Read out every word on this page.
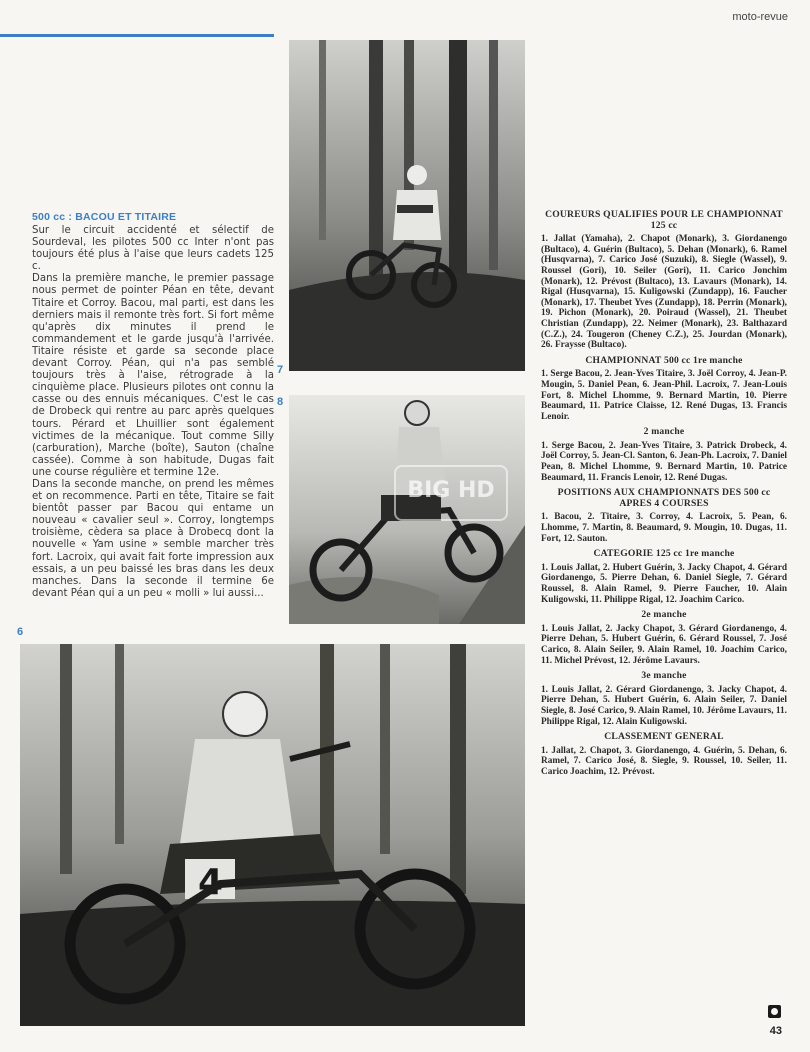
moto-revue
7
BIG HD
8
4
6
500 cc : BACOU ET TITAIRE

Sur le circuit accidenté et sélectif de Sourdeval, les pilotes 500 cc Inter n'ont pas toujours été plus à l'aise que leurs cadets 125 c.

Dans la première manche, le premier passage nous permet de pointer Péan en tête, devant Titaire et Corroy. Bacou, mal parti, est dans les derniers mais il remonte très fort. Si fort même qu'après dix minutes il prend le commandement et le garde jusqu'à l'arrivée. Titaire résiste et garde sa seconde place devant Corroy. Péan, qui n'a pas semblé toujours très à l'aise, rétrograde à la cinquième place. Plusieurs pilotes ont connu la casse ou des ennuis mécaniques. C'est le cas de Drobeck qui rentre au parc après quelques tours. Pérard et Lhuillier sont également victimes de la mécanique. Tout comme Silly (carburation), Marche (boîte), Sauton (chaîne cassée). Comme à son habitude, Dugas fait une course régulière et termine 12e.

Dans la seconde manche, on prend les mêmes et on recommence. Parti en tête, Titaire se fait bientôt passer par Bacou qui entame un nouveau « cavalier seul ». Corroy, longtemps troisième, cèdera sa place à Drobecq dont la nouvelle « Yam usine » semble marcher très fort. Lacroix, qui avait fait forte impression aux essais, a un peu baissé les bras dans les deux manches. Dans la seconde il termine 6e devant Péan qui a un peu « molli » lui aussi...

COUREURS QUALIFIES POUR LE CHAMPIONNAT 125 cc
1. Jallat (Yamaha), 2. Chapot (Monark), 3. Giordanengo (Bultaco), 4. Guérin (Bultaco), 5. Dehan (Monark), 6. Ramel (Husqvarna), 7. Carico José (Suzuki), 8. Siegle (Wassel), 9. Roussel (Gori), 10. Seiler (Gori), 11. Carico Jonchim (Monark), 12. Prévost (Bultaco), 13. Lavaurs (Monark), 14. Rigal (Husqvarna), 15. Kuligowski (Zundapp), 16. Faucher (Monark), 17. Theubet Yves (Zundapp), 18. Perrin (Monark), 19. Pichon (Monark), 20. Poiraud (Wassel), 21. Theubet Christian (Zundapp), 22. Neimer (Monark), 23. Balthazard (C.Z.), 24. Tougeron (Cheney C.Z.), 25. Jourdan (Monark), 26. Fraysse (Bultaco).
CHAMPIONNAT 500 cc 1re manche
1. Serge Bacou, 2. Jean-Yves Titaire, 3. Joël Corroy, 4. Jean-P. Mougin, 5. Daniel Pean, 6. Jean-Phil. Lacroix, 7. Jean-Louis Fort, 8. Michel Lhomme, 9. Bernard Martin, 10. Pierre Beaumard, 11. Patrice Claisse, 12. René Dugas, 13. Francis Lenoir.
2 manche
1. Serge Bacou, 2. Jean-Yves Titaire, 3. Patrick Drobeck, 4. Joël Corroy, 5. Jean-Cl. Santon, 6. Jean-Ph. Lacroix, 7. Daniel Pean, 8. Michel Lhomme, 9. Bernard Martin, 10. Patrice Beaumard, 11. Francis Lenoir, 12. René Dugas.
POSITIONS AUX CHAMPIONNATS DES 500 cc APRES 4 COURSES
1. Bacou, 2. Titaire, 3. Corroy, 4. Lacroix, 5. Pean, 6. Lhomme, 7. Martin, 8. Beaumard, 9. Mougin, 10. Dugas, 11. Fort, 12. Sauton.
CATEGORIE 125 cc 1re manche
1. Louis Jallat, 2. Hubert Guérin, 3. Jacky Chapot, 4. Gérard Giordanengo, 5. Pierre Dehan, 6. Daniel Siegle, 7. Gérard Roussel, 8. Alain Ramel, 9. Pierre Faucher, 10. Alain Kuligowski, 11. Philippe Rigal, 12. Joachim Carico.
2e manche
1. Louis Jallat, 2. Jacky Chapot, 3. Gérard Giordanengo, 4. Pierre Dehan, 5. Hubert Guérin, 6. Gérard Roussel, 7. José Carico, 8. Alain Seiler, 9. Alain Ramel, 10. Joachim Carico, 11. Michel Prévost, 12. Jérôme Lavaurs.
3e manche
1. Louis Jallat, 2. Gérard Giordanengo, 3. Jacky Chapot, 4. Pierre Dehan, 5. Hubert Guérin, 6. Alain Seiler, 7. Daniel Siegle, 8. José Carico, 9. Alain Ramel, 10. Jérôme Lavaurs, 11. Philippe Rigal, 12. Alain Kuligowski.
CLASSEMENT GENERAL
1. Jallat, 2. Chapot, 3. Giordanengo, 4. Guérin, 5. Dehan, 6. Ramel, 7. Carico José, 8. Siegle, 9. Roussel, 10. Seiler, 11. Carico Joachim, 12. Prévost.
43
